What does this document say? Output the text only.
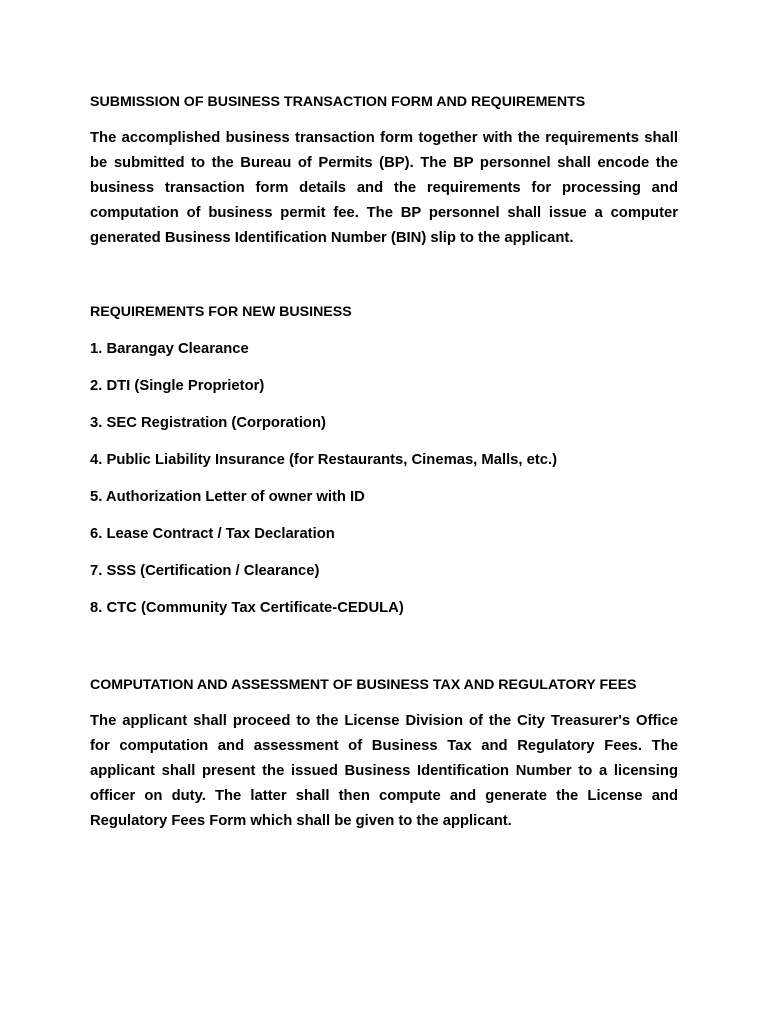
SUBMISSION OF BUSINESS TRANSACTION FORM AND REQUIREMENTS

The accomplished business transaction form together with the requirements shall be submitted to the Bureau of Permits (BP). The BP personnel shall encode the business transaction form details and the requirements for processing and computation of business permit fee. The BP personnel shall issue a computer generated Business Identification Number (BIN) slip to the applicant.

REQUIREMENTS FOR NEW BUSINESS
1. Barangay Clearance
2. DTI (Single Proprietor)
3. SEC Registration (Corporation)
4. Public Liability Insurance (for Restaurants, Cinemas, Malls, etc.)
5. Authorization Letter of owner with ID
6. Lease Contract / Tax Declaration
7. SSS (Certification / Clearance)
8. CTC (Community Tax Certificate-CEDULA)
COMPUTATION AND ASSESSMENT OF BUSINESS TAX AND REGULATORY FEES

The applicant shall proceed to the License Division of the City Treasurer's Office for computation and assessment of Business Tax and Regulatory Fees. The applicant shall present the issued Business Identification Number to a licensing officer on duty. The latter shall then compute and generate the License and Regulatory Fees Form which shall be given to the applicant.
